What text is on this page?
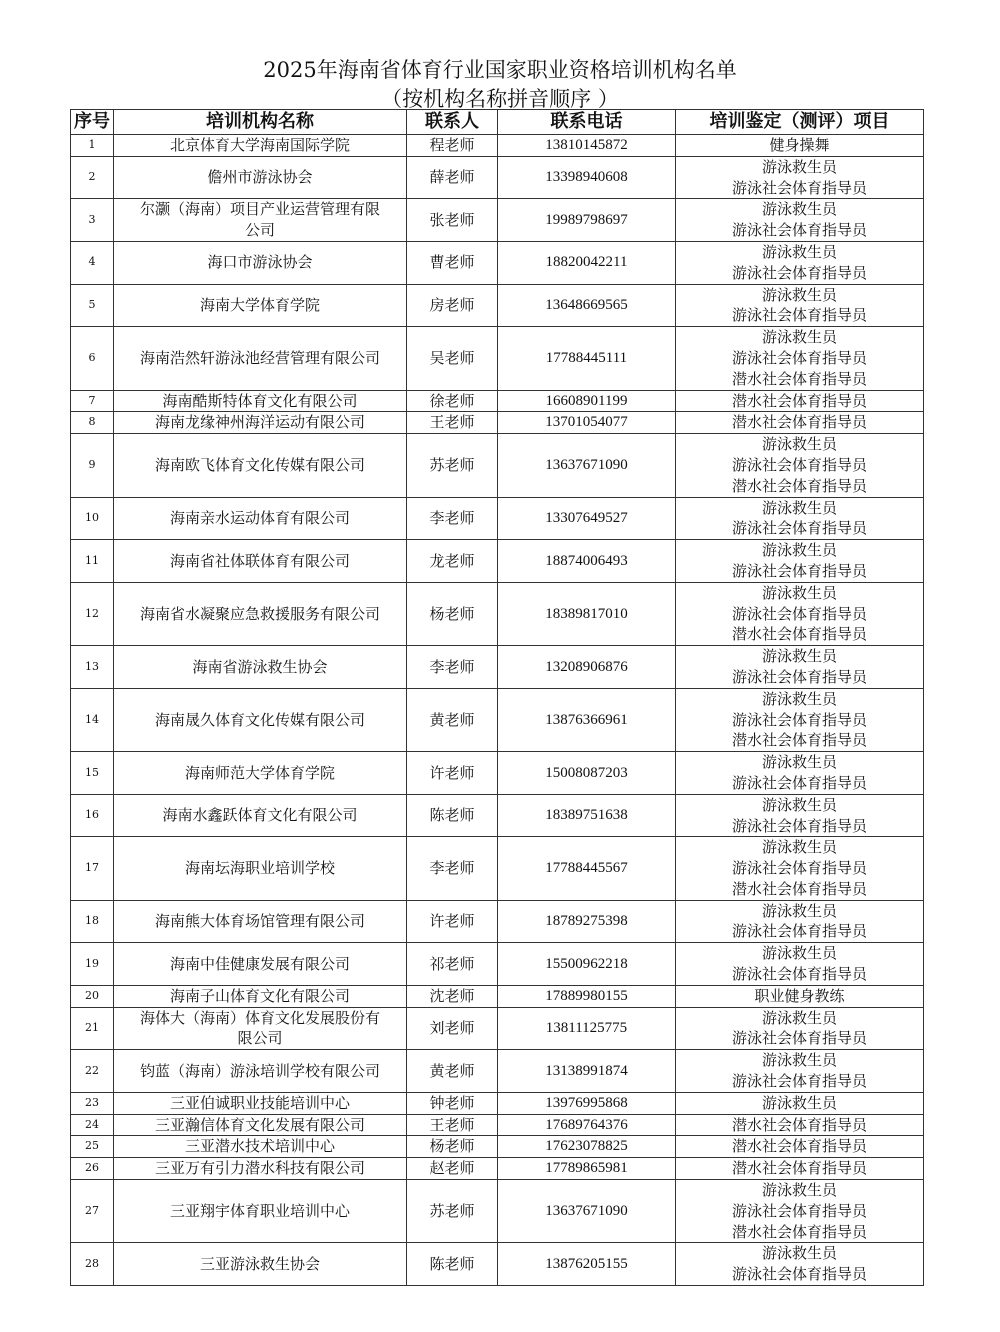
2025年海南省体育行业国家职业资格培训机构名单
（按机构名称拼音顺序 ）
序号	培训机构名称	联系人	联系电话	培训鉴定（测评）项目
1	北京体育大学海南国际学院	程老师	13810145872	健身操舞

2	儋州市游泳协会	薛老师	13398940608	游泳救生员
游泳社会体育指导员

3	尔灏（海南）项目产业运营管理有限公司	张老师	19989798697	游泳救生员
游泳社会体育指导员

4	海口市游泳协会	曹老师	18820042211	游泳救生员
游泳社会体育指导员

5	海南大学体育学院	房老师	13648669565	游泳救生员
游泳社会体育指导员

6	海南浩然轩游泳池经营管理有限公司	吴老师	17788445111	游泳救生员
游泳社会体育指导员
潜水社会体育指导员

7	海南酷斯特体育文化有限公司	徐老师	16608901199	潜水社会体育指导员

8	海南龙缘神州海洋运动有限公司	王老师	13701054077	潜水社会体育指导员

9	海南欧飞体育文化传媒有限公司	苏老师	13637671090	游泳救生员
游泳社会体育指导员
潜水社会体育指导员

10	海南亲水运动体育有限公司	李老师	13307649527	游泳救生员
游泳社会体育指导员

11	海南省社体联体育有限公司	龙老师	18874006493	游泳救生员
游泳社会体育指导员

12	海南省水凝聚应急救援服务有限公司	杨老师	18389817010	游泳救生员
游泳社会体育指导员
潜水社会体育指导员

13	海南省游泳救生协会	李老师	13208906876	游泳救生员
游泳社会体育指导员

14	海南晟久体育文化传媒有限公司	黄老师	13876366961	游泳救生员
游泳社会体育指导员
潜水社会体育指导员

15	海南师范大学体育学院	许老师	15008087203	游泳救生员
游泳社会体育指导员

16	海南水鑫跃体育文化有限公司	陈老师	18389751638	游泳救生员
游泳社会体育指导员

17	海南坛海职业培训学校	李老师	17788445567	游泳救生员
游泳社会体育指导员
潜水社会体育指导员

18	海南熊大体育场馆管理有限公司	许老师	18789275398	游泳救生员
游泳社会体育指导员

19	海南中佳健康发展有限公司	祁老师	15500962218	游泳救生员
游泳社会体育指导员

20	海南子山体育文化有限公司	沈老师	17889980155	职业健身教练

21	海体大（海南）体育文化发展股份有限公司	刘老师	13811125775	游泳救生员
游泳社会体育指导员

22	钧蓝（海南）游泳培训学校有限公司	黄老师	13138991874	游泳救生员
游泳社会体育指导员

23	三亚伯诚职业技能培训中心	钟老师	13976995868	游泳救生员

24	三亚瀚信体育文化发展有限公司	王老师	17689764376	潜水社会体育指导员

25	三亚潜水技术培训中心	杨老师	17623078825	潜水社会体育指导员

26	三亚万有引力潜水科技有限公司	赵老师	17789865981	潜水社会体育指导员

27	三亚翔宇体育职业培训中心	苏老师	13637671090	游泳救生员
游泳社会体育指导员
潜水社会体育指导员

28	三亚游泳救生协会	陈老师	13876205155	游泳救生员
游泳社会体育指导员
